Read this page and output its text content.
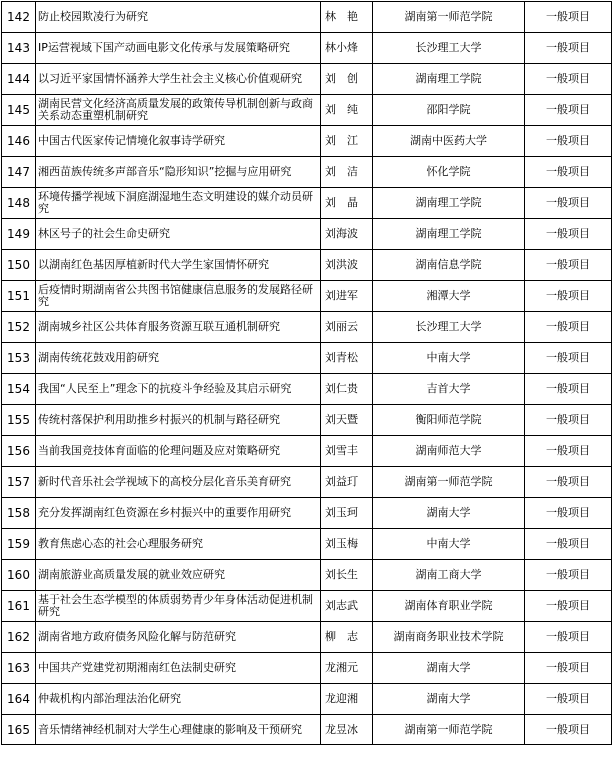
142	防止校园欺凌行为研究	林　艳	湖南第一师范学院	一般项目
143	IP运营视域下国产动画电影文化传承与发展策略研究	林小烽	长沙理工大学	一般项目
144	以习近平家国情怀涵养大学生社会主义核心价值观研究	刘　创	湖南理工学院	一般项目
145	湖南民营文化经济高质量发展的政策传导机制创新与政商关系动态重塑机制研究	刘　纯	邵阳学院	一般项目
146	中国古代医家传记情境化叙事诗学研究	刘　江	湖南中医药大学	一般项目
147	湘西苗族传统多声部音乐“隐形知识”挖掘与应用研究	刘　洁	怀化学院	一般项目
148	环境传播学视域下洞庭湖湿地生态文明建设的媒介动员研究	刘　晶	湖南理工学院	一般项目
149	林区号子的社会生命史研究	刘海波	湖南理工学院	一般项目
150	以湖南红色基因厚植新时代大学生家国情怀研究	刘洪波	湖南信息学院	一般项目
151	后疫情时期湖南省公共图书馆健康信息服务的发展路径研究	刘进军	湘潭大学	一般项目
152	湖南城乡社区公共体育服务资源互联互通机制研究	刘丽云	长沙理工大学	一般项目
153	湖南传统花鼓戏用韵研究	刘青松	中南大学	一般项目
154	我国“人民至上”理念下的抗疫斗争经验及其启示研究	刘仁贵	吉首大学	一般项目
155	传统村落保护利用助推乡村振兴的机制与路径研究	刘天暨	衡阳师范学院	一般项目
156	当前我国竞技体育面临的伦理问题及应对策略研究	刘雪丰	湖南师范大学	一般项目
157	新时代音乐社会学视域下的高校分层化音乐美育研究	刘益玎	湖南第一师范学院	一般项目
158	充分发挥湖南红色资源在乡村振兴中的重要作用研究	刘玉珂	湖南大学	一般项目
159	教育焦虑心态的社会心理服务研究	刘玉梅	中南大学	一般项目
160	湖南旅游业高质量发展的就业效应研究	刘长生	湖南工商大学	一般项目
161	基于社会生态学模型的体质弱势青少年身体活动促进机制研究	刘志武	湖南体育职业学院	一般项目
162	湖南省地方政府债务风险化解与防范研究	柳　志	湖南商务职业技术学院	一般项目
163	中国共产党建党初期湘南红色法制史研究	龙湘元	湖南大学	一般项目
164	仲裁机构内部治理法治化研究	龙迎湘	湖南大学	一般项目
165	音乐情绪神经机制对大学生心理健康的影响及干预研究	龙昱冰	湖南第一师范学院	一般项目
